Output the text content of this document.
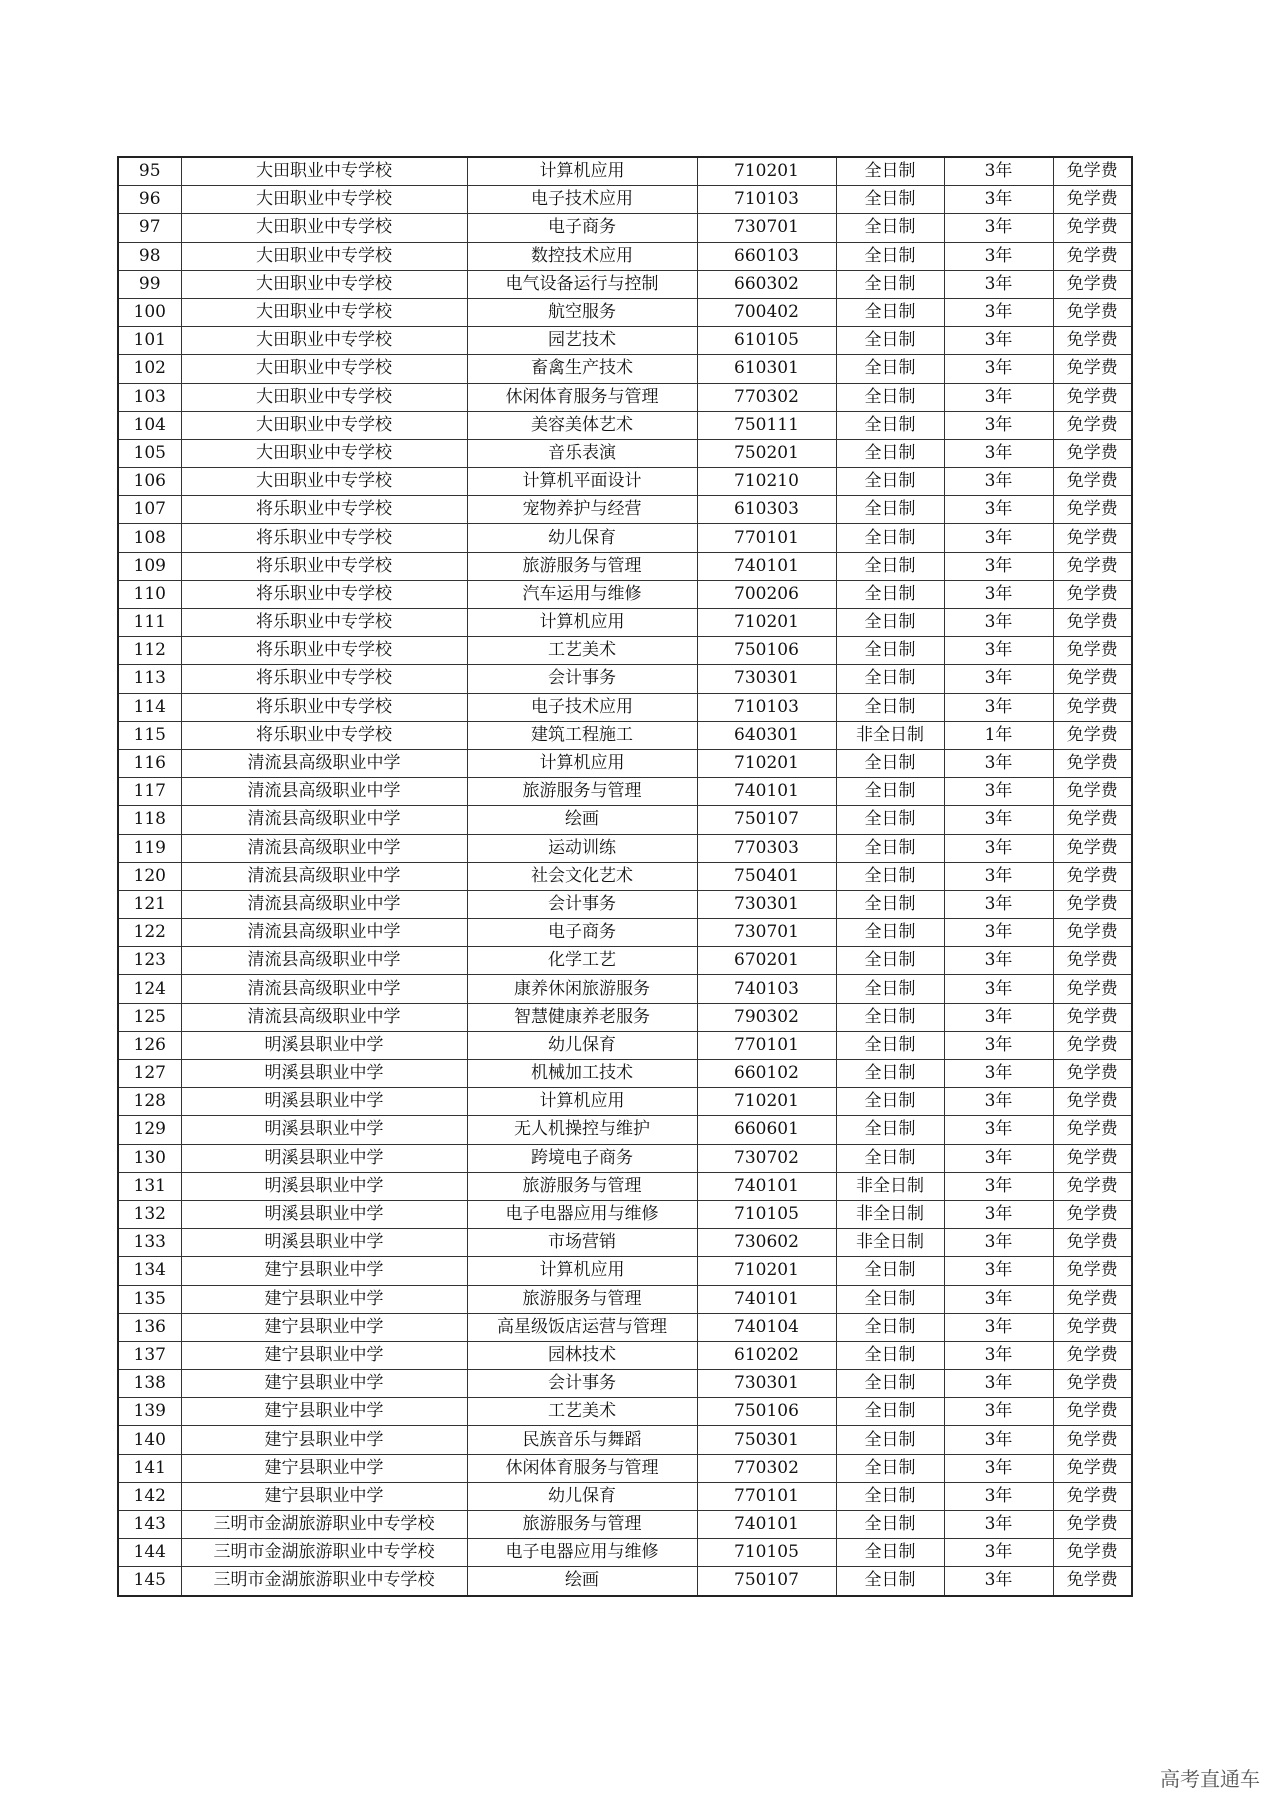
95	大田职业中专学校	计算机应用	710201	全日制	3年	免学费
96	大田职业中专学校	电子技术应用	710103	全日制	3年	免学费
97	大田职业中专学校	电子商务	730701	全日制	3年	免学费
98	大田职业中专学校	数控技术应用	660103	全日制	3年	免学费
99	大田职业中专学校	电气设备运行与控制	660302	全日制	3年	免学费
100	大田职业中专学校	航空服务	700402	全日制	3年	免学费
101	大田职业中专学校	园艺技术	610105	全日制	3年	免学费
102	大田职业中专学校	畜禽生产技术	610301	全日制	3年	免学费
103	大田职业中专学校	休闲体育服务与管理	770302	全日制	3年	免学费
104	大田职业中专学校	美容美体艺术	750111	全日制	3年	免学费
105	大田职业中专学校	音乐表演	750201	全日制	3年	免学费
106	大田职业中专学校	计算机平面设计	710210	全日制	3年	免学费
107	将乐职业中专学校	宠物养护与经营	610303	全日制	3年	免学费
108	将乐职业中专学校	幼儿保育	770101	全日制	3年	免学费
109	将乐职业中专学校	旅游服务与管理	740101	全日制	3年	免学费
110	将乐职业中专学校	汽车运用与维修	700206	全日制	3年	免学费
111	将乐职业中专学校	计算机应用	710201	全日制	3年	免学费
112	将乐职业中专学校	工艺美术	750106	全日制	3年	免学费
113	将乐职业中专学校	会计事务	730301	全日制	3年	免学费
114	将乐职业中专学校	电子技术应用	710103	全日制	3年	免学费
115	将乐职业中专学校	建筑工程施工	640301	非全日制	1年	免学费
116	清流县高级职业中学	计算机应用	710201	全日制	3年	免学费
117	清流县高级职业中学	旅游服务与管理	740101	全日制	3年	免学费
118	清流县高级职业中学	绘画	750107	全日制	3年	免学费
119	清流县高级职业中学	运动训练	770303	全日制	3年	免学费
120	清流县高级职业中学	社会文化艺术	750401	全日制	3年	免学费
121	清流县高级职业中学	会计事务	730301	全日制	3年	免学费
122	清流县高级职业中学	电子商务	730701	全日制	3年	免学费
123	清流县高级职业中学	化学工艺	670201	全日制	3年	免学费
124	清流县高级职业中学	康养休闲旅游服务	740103	全日制	3年	免学费
125	清流县高级职业中学	智慧健康养老服务	790302	全日制	3年	免学费
126	明溪县职业中学	幼儿保育	770101	全日制	3年	免学费
127	明溪县职业中学	机械加工技术	660102	全日制	3年	免学费
128	明溪县职业中学	计算机应用	710201	全日制	3年	免学费
129	明溪县职业中学	无人机操控与维护	660601	全日制	3年	免学费
130	明溪县职业中学	跨境电子商务	730702	全日制	3年	免学费
131	明溪县职业中学	旅游服务与管理	740101	非全日制	3年	免学费
132	明溪县职业中学	电子电器应用与维修	710105	非全日制	3年	免学费
133	明溪县职业中学	市场营销	730602	非全日制	3年	免学费
134	建宁县职业中学	计算机应用	710201	全日制	3年	免学费
135	建宁县职业中学	旅游服务与管理	740101	全日制	3年	免学费
136	建宁县职业中学	高星级饭店运营与管理	740104	全日制	3年	免学费
137	建宁县职业中学	园林技术	610202	全日制	3年	免学费
138	建宁县职业中学	会计事务	730301	全日制	3年	免学费
139	建宁县职业中学	工艺美术	750106	全日制	3年	免学费
140	建宁县职业中学	民族音乐与舞蹈	750301	全日制	3年	免学费
141	建宁县职业中学	休闲体育服务与管理	770302	全日制	3年	免学费
142	建宁县职业中学	幼儿保育	770101	全日制	3年	免学费
143	三明市金湖旅游职业中专学校	旅游服务与管理	740101	全日制	3年	免学费
144	三明市金湖旅游职业中专学校	电子电器应用与维修	710105	全日制	3年	免学费
145	三明市金湖旅游职业中专学校	绘画	750107	全日制	3年	免学费
高考直通车
